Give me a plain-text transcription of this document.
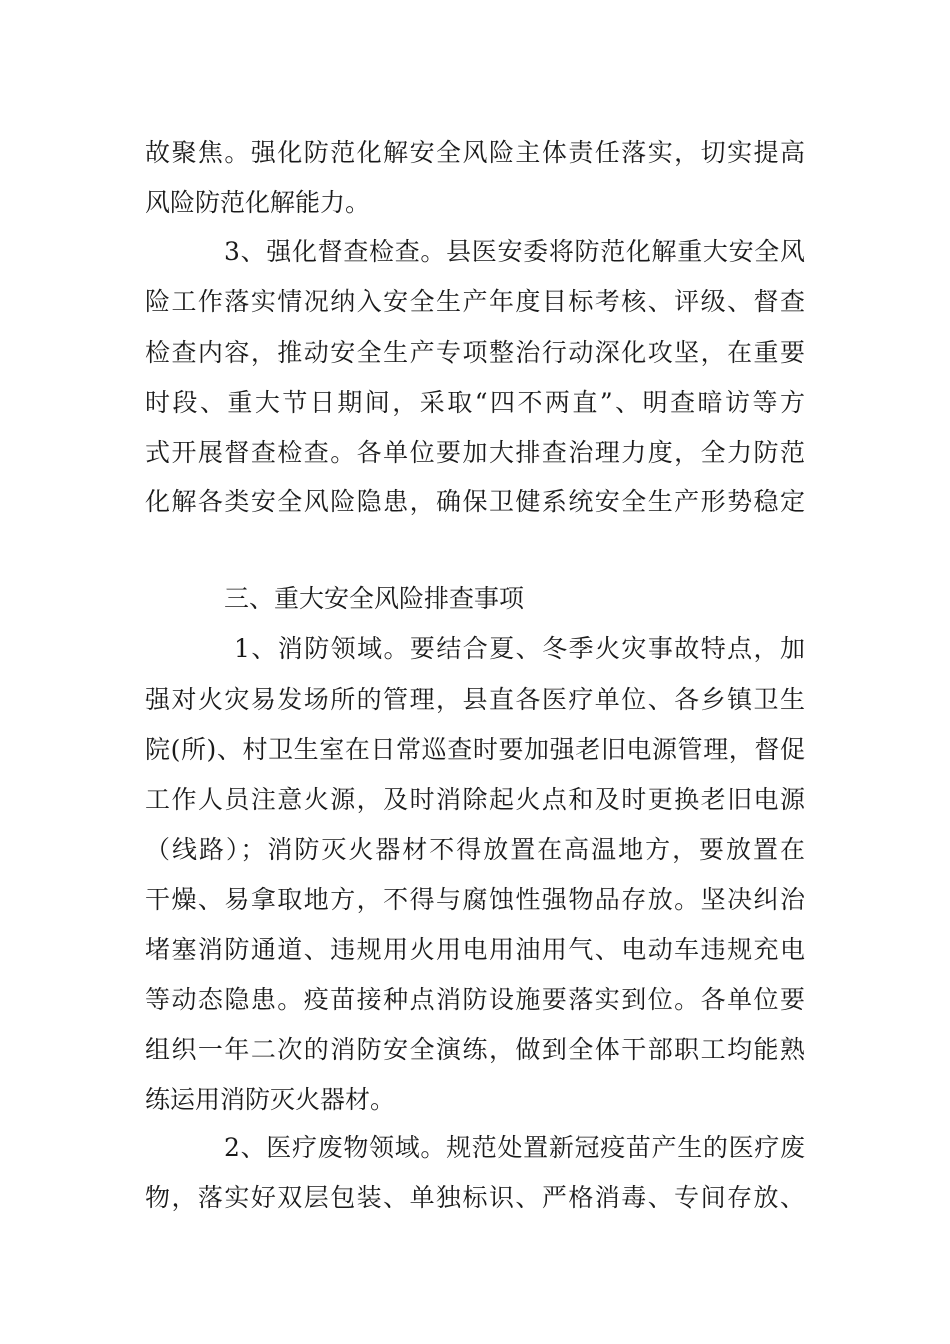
故聚焦。强化防范化解安全风险主体责任落实，切实提高
风险防范化解能力。
3、强化督查检查。县医安委将防范化解重大安全风
险工作落实情况纳入安全生产年度目标考核、评级、督查
检查内容，推动安全生产专项整治行动深化攻坚，在重要
时段、重大节日期间，采取“四不两直”、明查暗访等方
式开展督查检查。各单位要加大排查治理力度，全力防范
化解各类安全风险隐患，确保卫健系统安全生产形势稳定
三、重大安全风险排查事项
1、消防领域。要结合夏、冬季火灾事故特点，加
强对火灾易发场所的管理，县直各医疗单位、各乡镇卫生
院(所)、村卫生室在日常巡查时要加强老旧电源管理，督促
工作人员注意火源，及时消除起火点和及时更换老旧电源
（线路）；消防灭火器材不得放置在高温地方，要放置在
干燥、易拿取地方，不得与腐蚀性强物品存放。坚决纠治
堵塞消防通道、违规用火用电用油用气、电动车违规充电
等动态隐患。疫苗接种点消防设施要落实到位。各单位要
组织一年二次的消防安全演练，做到全体干部职工均能熟
练运用消防灭火器材。
2、医疗废物领域。规范处置新冠疫苗产生的医疗废
物，落实好双层包装、单独标识、严格消毒、专间存放、
